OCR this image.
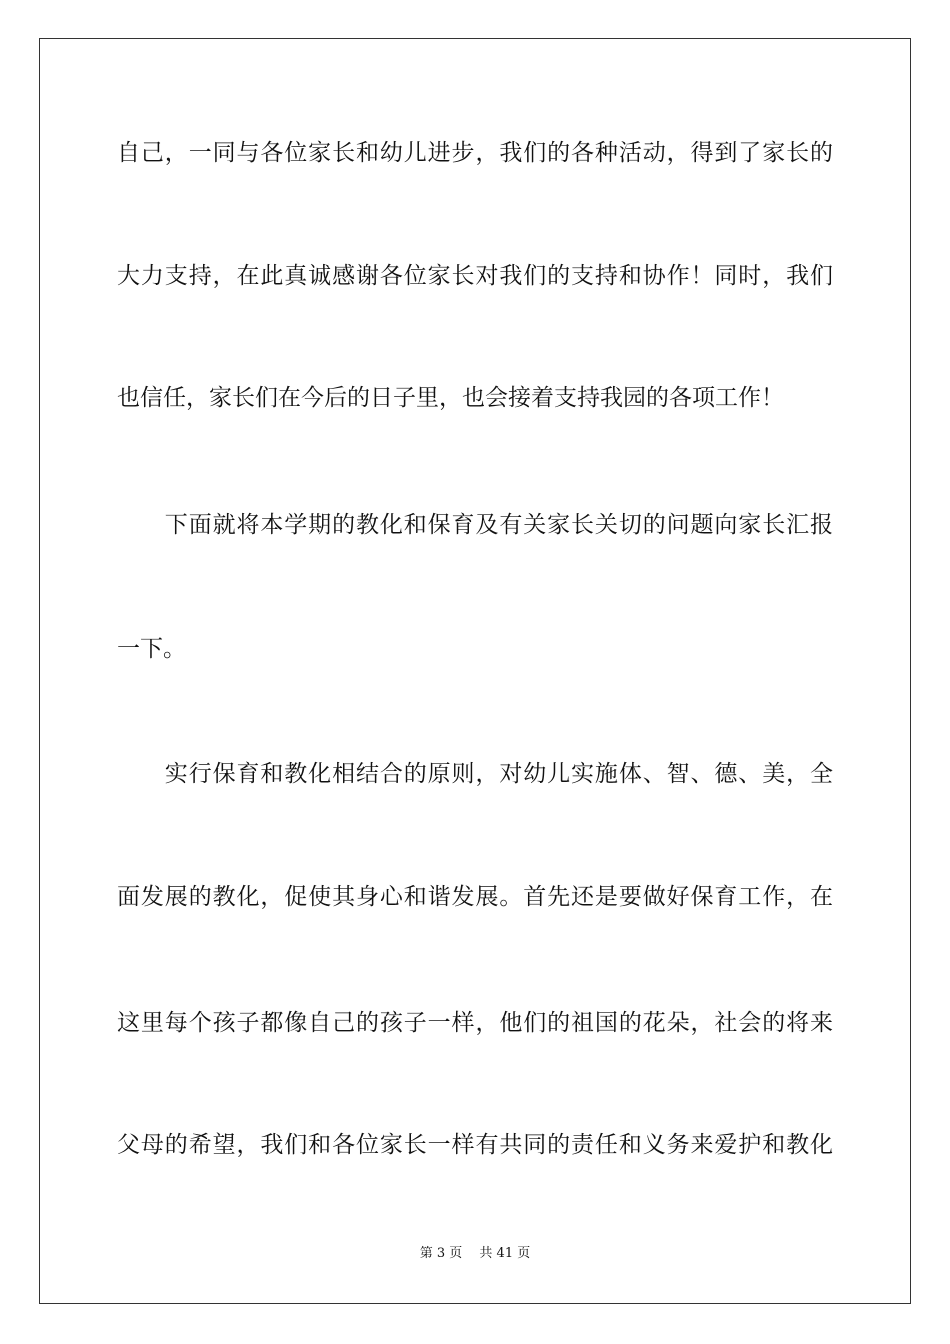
自己，一同与各位家长和幼儿进步，我们的各种活动，得到了家长的
大力支持，在此真诚感谢各位家长对我们的支持和协作！同时，我们
也信任，家长们在今后的日子里，也会接着支持我园的各项工作！
　　下面就将本学期的教化和保育及有关家长关切的问题向家长汇报
一下。
　　实行保育和教化相结合的原则，对幼儿实施体、智、德、美，全
面发展的教化，促使其身心和谐发展。首先还是要做好保育工作，在
这里每个孩子都像自己的孩子一样，他们的祖国的花朵，社会的将来
父母的希望，我们和各位家长一样有共同的责任和义务来爱护和教化
第 3 页　 共 41 页
